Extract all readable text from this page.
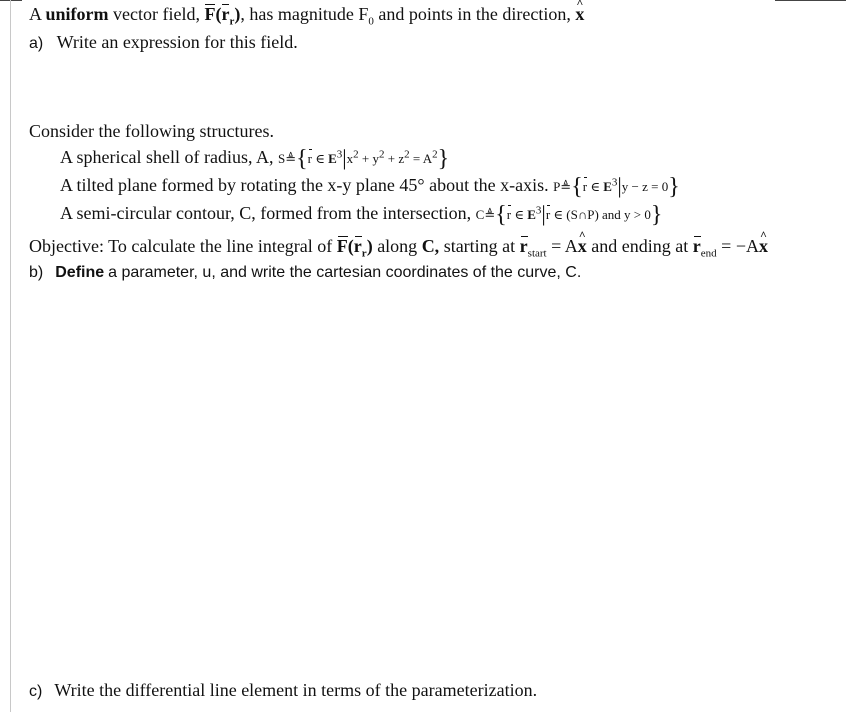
A uniform vector field, $F(r_r)$, has magnitude $F_0$ and points in the direction, x ^
a) Write an expression for this field.
Consider the following structures.
A spherical shell of radius, A, S≜{r ∈ $E^3|x^2 + y^2 + z^2 = A^2$}
A tilted plane formed by rotating the x-y plane 45° about the x-axis. P≜{r ∈ $E^3|y - z = 0$}
A semi-circular contour, C, formed from the intersection, C≜{r ∈ $E^3|r$ ∈ (S∩P) and y > 0}
Objective: To calculate the line integral of $F(r_r)$ along C, starting at $r_{start} = Ax$ ^ and ending at $r_{end} = -Ax$ ^
b) Define a parameter, u, and write the cartesian coordinates of the curve, C.
c) Write the differential line element in terms of the parameterization.
